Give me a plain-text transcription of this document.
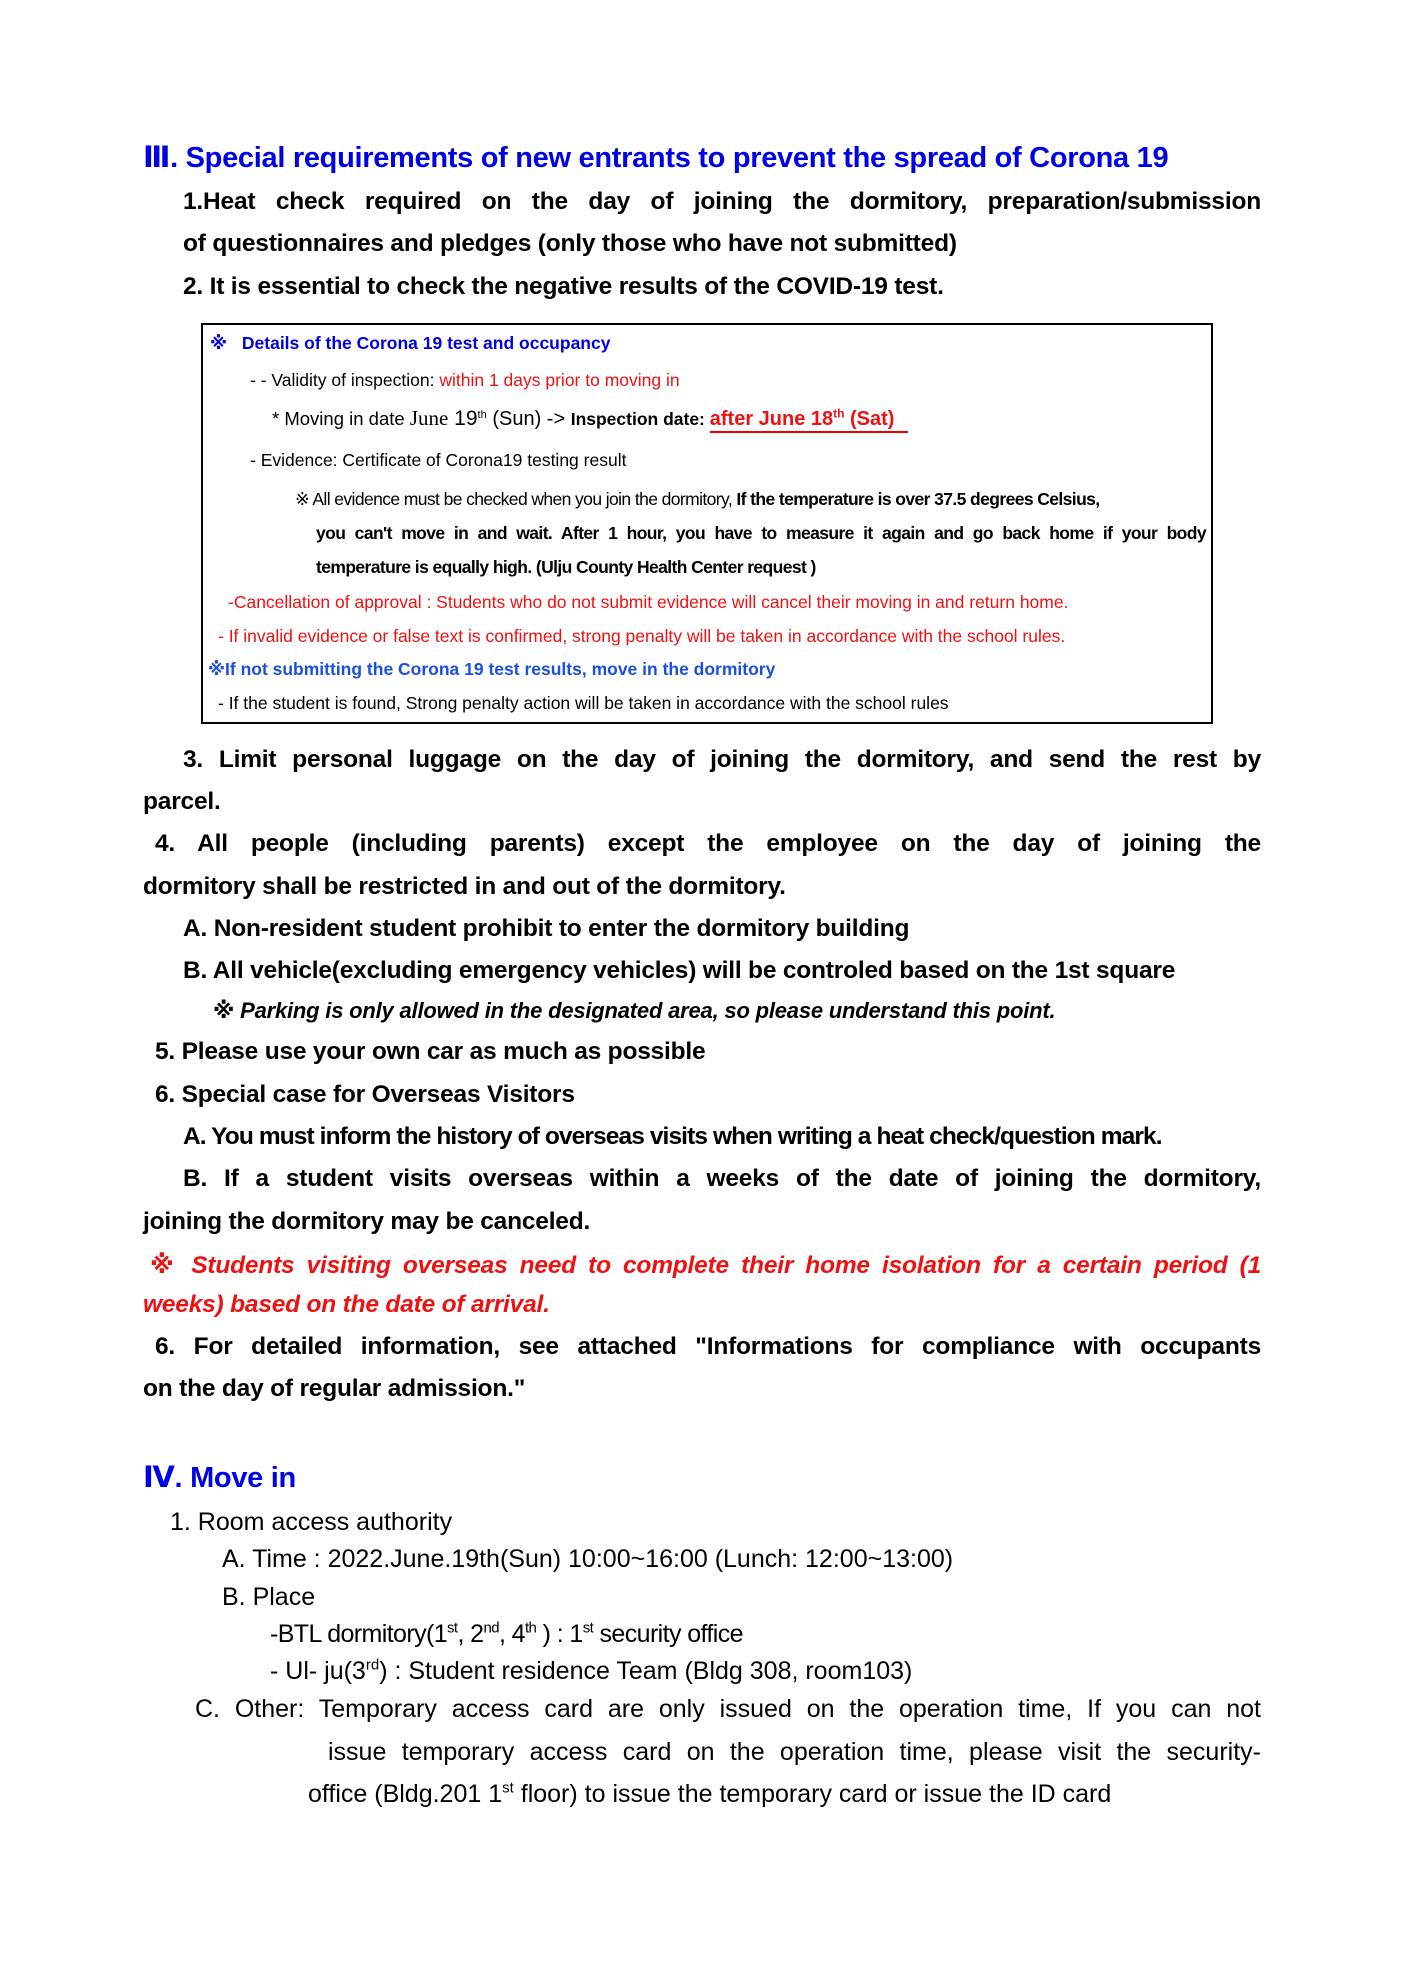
Ⅲ. Special requirements of new entrants to prevent the spread of Corona 19
1.Heat check required on the day of joining the dormitory, preparation/submission
of questionnaires and pledges (only those who have not submitted)
2. It is essential to check the negative results of the COVID-19 test.
※ Details of the Corona 19 test and occupancy
- - Validity of inspection: within 1 days prior to moving in
* Moving in date June 19th (Sun) -> Inspection date: after June 18th (Sat)
- Evidence: Certificate of Corona19 testing result
※ All evidence must be checked when you join the dormitory, If the temperature is over 37.5 degrees Celsius,
you can't move in and wait. After 1 hour, you have to measure it again and go back home if your body
temperature is equally high. (Ulju County Health Center request )
-Cancellation of approval : Students who do not submit evidence will cancel their moving in and return home.
- If invalid evidence or false text is confirmed, strong penalty will be taken in accordance with the school rules.
※If not submitting the Corona 19 test results, move in the dormitory
- If the student is found, Strong penalty action will be taken in accordance with the school rules
3. Limit personal luggage on the day of joining the dormitory, and send the rest by
parcel.
4. All people (including parents) except the employee on the day of joining the
dormitory shall be restricted in and out of the dormitory.
A. Non-resident student prohibit to enter the dormitory building
B. All vehicle(excluding emergency vehicles) will be controled based on the 1st square
※ Parking is only allowed in the designated area, so please understand this point.
5. Please use your own car as much as possible
6. Special case for Overseas Visitors
A. You must inform the history of overseas visits when writing a heat check/question mark.
B. If a student visits overseas within a weeks of the date of joining the dormitory,
joining the dormitory may be canceled.
※ Students visiting overseas need to complete their home isolation for a certain period (1
weeks) based on the date of arrival.
6. For detailed information, see attached "Informations for compliance with occupants
on the day of regular admission."
Ⅳ. Move in
1. Room access authority
A. Time : 2022.June.19th(Sun) 10:00~16:00 (Lunch: 12:00~13:00)
B. Place
-BTL dormitory(1st, 2nd, 4th ) : 1st security office
- Ul- ju(3rd) : Student residence Team (Bldg 308, room103)
C. Other: Temporary access card are only issued on the operation time, If you can not
issue temporary access card on the operation time, please visit the security-
office (Bldg.201 1st floor) to issue the temporary card or issue the ID card
